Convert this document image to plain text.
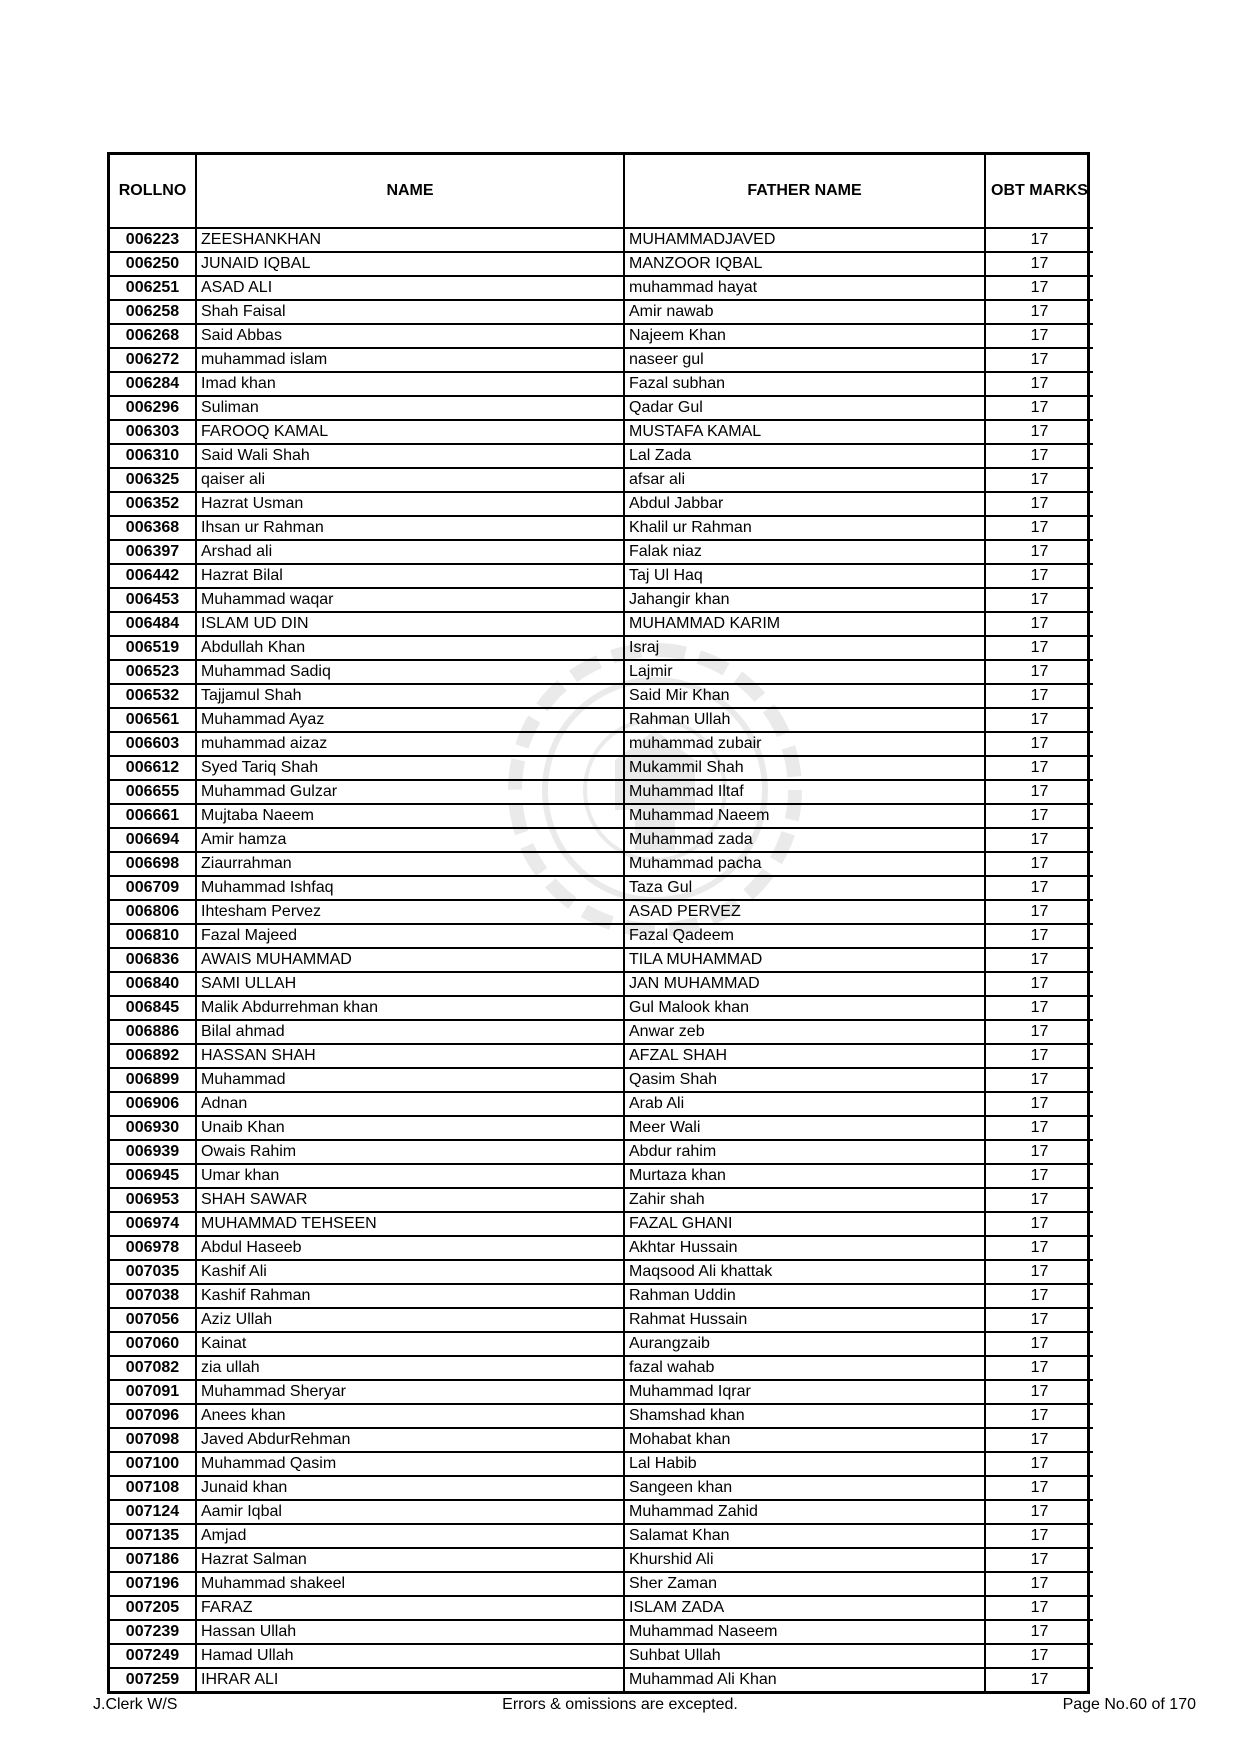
ROLLNO	NAME	FATHER NAME	OBT MARKS
006223	ZEESHANKHAN	MUHAMMADJAVED	17
006250	JUNAID IQBAL	MANZOOR IQBAL	17
006251	ASAD ALI	muhammad hayat	17
006258	Shah Faisal	Amir nawab	17
006268	Said Abbas	Najeem Khan	17
006272	muhammad islam	naseer gul	17
006284	Imad khan	Fazal subhan	17
006296	Suliman	Qadar Gul	17
006303	FAROOQ KAMAL	MUSTAFA KAMAL	17
006310	Said Wali Shah	Lal Zada	17
006325	qaiser ali	afsar ali	17
006352	Hazrat Usman	Abdul Jabbar	17
006368	Ihsan ur Rahman	Khalil ur Rahman	17
006397	Arshad ali	Falak niaz	17
006442	Hazrat Bilal	Taj Ul Haq	17
006453	Muhammad waqar	Jahangir khan	17
006484	ISLAM UD DIN	MUHAMMAD KARIM	17
006519	Abdullah Khan	Israj	17
006523	Muhammad Sadiq	Lajmir	17
006532	Tajjamul Shah	Said Mir Khan	17
006561	Muhammad Ayaz	Rahman Ullah	17
006603	muhammad aizaz	muhammad zubair	17
006612	Syed Tariq Shah	Mukammil Shah	17
006655	Muhammad Gulzar	Muhammad Iltaf	17
006661	Mujtaba Naeem	Muhammad Naeem	17
006694	Amir hamza	Muhammad zada	17
006698	Ziaurrahman	Muhammad pacha	17
006709	Muhammad Ishfaq	Taza Gul	17
006806	Ihtesham Pervez	ASAD PERVEZ	17
006810	Fazal Majeed	Fazal Qadeem	17
006836	AWAIS MUHAMMAD	TILA MUHAMMAD	17
006840	SAMI ULLAH	JAN MUHAMMAD	17
006845	Malik Abdurrehman khan	Gul Malook khan	17
006886	Bilal ahmad	Anwar zeb	17
006892	HASSAN SHAH	AFZAL SHAH	17
006899	Muhammad	Qasim Shah	17
006906	Adnan	Arab Ali	17
006930	Unaib Khan	Meer Wali	17
006939	Owais Rahim	Abdur rahim	17
006945	Umar khan	Murtaza khan	17
006953	SHAH SAWAR	Zahir shah	17
006974	MUHAMMAD TEHSEEN	FAZAL GHANI	17
006978	Abdul Haseeb	Akhtar Hussain	17
007035	Kashif Ali	Maqsood Ali khattak	17
007038	Kashif Rahman	Rahman Uddin	17
007056	Aziz Ullah	Rahmat Hussain	17
007060	Kainat	Aurangzaib	17
007082	zia ullah	fazal wahab	17
007091	Muhammad Sheryar	Muhammad Iqrar	17
007096	Anees khan	Shamshad khan	17
007098	Javed AbdurRehman	Mohabat khan	17
007100	Muhammad Qasim	Lal Habib	17
007108	Junaid khan	Sangeen khan	17
007124	Aamir Iqbal	Muhammad Zahid	17
007135	Amjad	Salamat Khan	17
007186	Hazrat Salman	Khurshid Ali	17
007196	Muhammad shakeel	Sher Zaman	17
007205	FARAZ	ISLAM ZADA	17
007239	Hassan Ullah	Muhammad Naseem	17
007249	Hamad Ullah	Suhbat Ullah	17
007259	IHRAR ALI	Muhammad Ali Khan	17
J.Clerk W/S	Errors & omissions are excepted.	Page No.60 of 170
